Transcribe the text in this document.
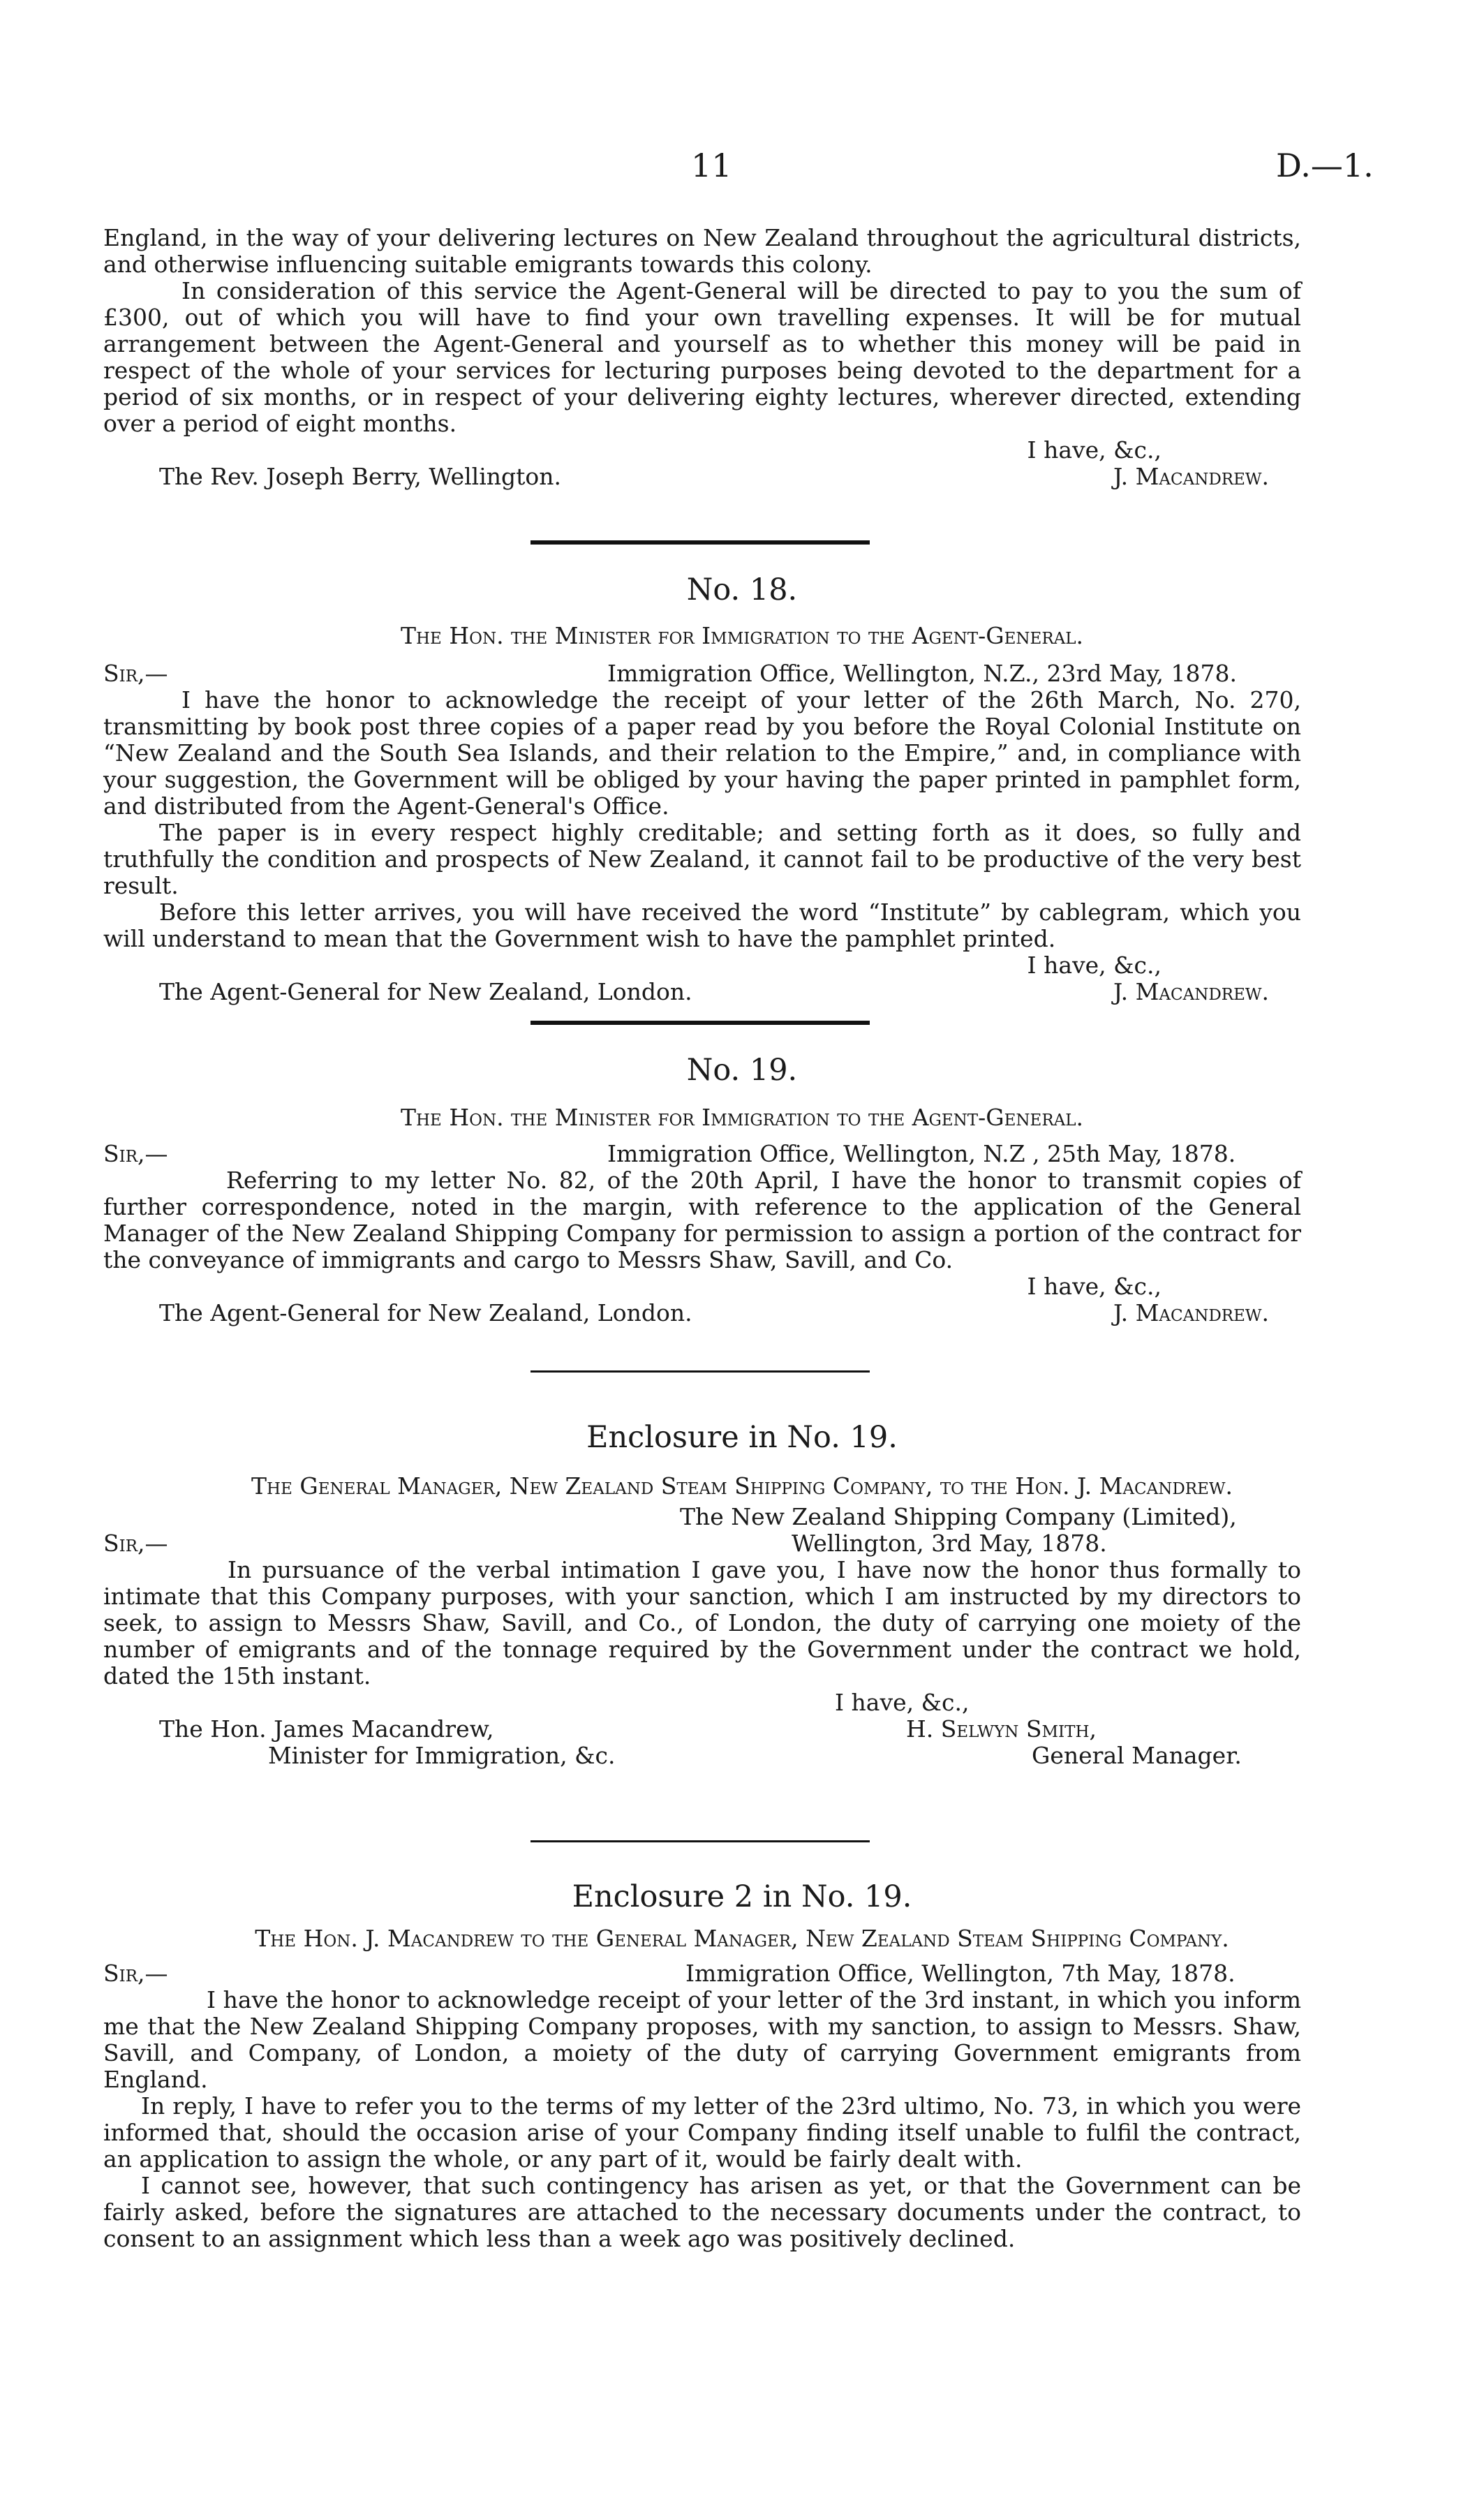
11	D.—1.

England, in the way of your delivering lectures on New Zealand throughout the agricultural districts, and otherwise influencing suitable emigrants towards this colony.

In consideration of this service the Agent-General will be directed to pay to you the sum of £300, out of which you will have to find your own travelling expenses. It will be for mutual arrangement between the Agent-General and yourself as to whether this money will be paid in respect of the whole of your services for lecturing purposes being devoted to the department for a period of six months, or in respect of your delivering eighty lectures, wherever directed, extending over a period of eight months.

I have, &c.,
The Rev. Joseph Berry, Wellington.	J. Macandrew.
No. 18.
The Hon. the Minister for Immigration to the Agent-General.
Sir,—	Immigration Office, Wellington, N.Z., 23rd May, 1878.

I have the honor to acknowledge the receipt of your letter of the 26th March, No. 270, transmitting by book post three copies of a paper read by you before the Royal Colonial Institute on “New Zealand and the South Sea Islands, and their relation to the Empire,” and, in compliance with your suggestion, the Government will be obliged by your having the paper printed in pamphlet form, and distributed from the Agent-General's Office.

The paper is in every respect highly creditable; and setting forth as it does, so fully and truthfully the condition and prospects of New Zealand, it cannot fail to be productive of the very best result.

Before this letter arrives, you will have received the word “Institute” by cablegram, which you will understand to mean that the Government wish to have the pamphlet printed.

I have, &c.,
The Agent-General for New Zealand, London.	J. Macandrew.
No. 19.
The Hon. the Minister for Immigration to the Agent-General.
Sir,—	Immigration Office, Wellington, N.Z , 25th May, 1878.

Referring to my letter No. 82, of the 20th April, I have the honor to transmit copies of further correspondence, noted in the margin, with reference to the application of the General Manager of the New Zealand Shipping Company for permission to assign a portion of the contract for the conveyance of immigrants and cargo to Messrs Shaw, Savill, and Co.

I have, &c.,
The Agent-General for New Zealand, London.	J. Macandrew.
Enclosure in No. 19.
The General Manager, New Zealand Steam Shipping Company, to the Hon. J. Macandrew.
The New Zealand Shipping Company (Limited),
Sir,—	Wellington, 3rd May, 1878.

In pursuance of the verbal intimation I gave you, I have now the honor thus formally to intimate that this Company purposes, with your sanction, which I am instructed by my directors to seek, to assign to Messrs Shaw, Savill, and Co., of London, the duty of carrying one moiety of the number of emigrants and of the tonnage required by the Government under the contract we hold, dated the 15th instant.

I have, &c.,
The Hon. James Macandrew,	H. Selwyn Smith,
Minister for Immigration, &c.	General Manager.
Enclosure 2 in No. 19.
The Hon. J. Macandrew to the General Manager, New Zealand Steam Shipping Company.
Sir,—	Immigration Office, Wellington, 7th May, 1878.

I have the honor to acknowledge receipt of your letter of the 3rd instant, in which you inform me that the New Zealand Shipping Company proposes, with my sanction, to assign to Messrs. Shaw, Savill, and Company, of London, a moiety of the duty of carrying Government emigrants from England.

In reply, I have to refer you to the terms of my letter of the 23rd ultimo, No. 73, in which you were informed that, should the occasion arise of your Company finding itself unable to fulfil the contract, an application to assign the whole, or any part of it, would be fairly dealt with.

I cannot see, however, that such contingency has arisen as yet, or that the Government can be fairly asked, before the signatures are attached to the necessary documents under the contract, to consent to an assignment which less than a week ago was positively declined.
